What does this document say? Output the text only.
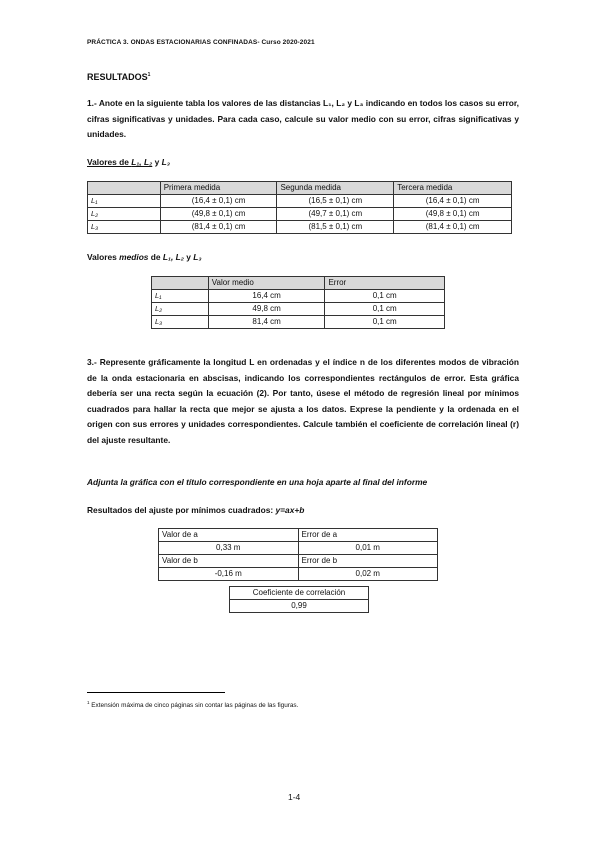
PRÁCTICA 3. ONDAS ESTACIONARIAS CONFINADAS- Curso 2020-2021
RESULTADOS$^1$
1.- Anote en la siguiente tabla los valores de las distancias L₁, L₂ y L₃ indicando en todos los casos su error, cifras significativas y unidades. Para cada caso, calcule su valor medio con su error, cifras significativas y unidades.
Valores de L₁, L₂ y L₃
	Primera medida	Segunda medida	Tercera medida
L₁	(16,4 ± 0,1) cm	(16,5 ± 0,1) cm	(16,4 ± 0,1) cm
L₂	(49,8 ± 0,1) cm	(49,7 ± 0,1) cm	(49,8 ± 0,1) cm
L₃	(81,4 ± 0,1) cm	(81,5 ± 0,1) cm	(81,4 ± 0,1) cm
Valores medios de L₁, L₂ y L₃
	Valor medio	Error
L₁	16,4 cm	0,1 cm
L₂	49,8 cm	0,1 cm
L₃	81,4 cm	0,1 cm
3.- Represente gráficamente la longitud L en ordenadas y el índice n de los diferentes modos de vibración de la onda estacionaria en abscisas, indicando los correspondientes rectángulos de error. Esta gráfica debería ser una recta según la ecuación (2). Por tanto, úsese el método de regresión lineal por mínimos cuadrados para hallar la recta que mejor se ajusta a los datos. Exprese la pendiente y la ordenada en el origen con sus errores y unidades correspondientes. Calcule también el coeficiente de correlación lineal (r) del ajuste resultante.
Adjunta la gráfica con el título correspondiente en una hoja aparte al final del informe
Resultados del ajuste por mínimos cuadrados: y=ax+b
Valor de a	Error de a
0,33 m	0,01 m
Valor de b	Error de b
-0,16 m	0,02 m
Coeficiente de correlación
0,99
$^1$ Extensión máxima de cinco páginas sin contar las páginas de las figuras.
1-4
